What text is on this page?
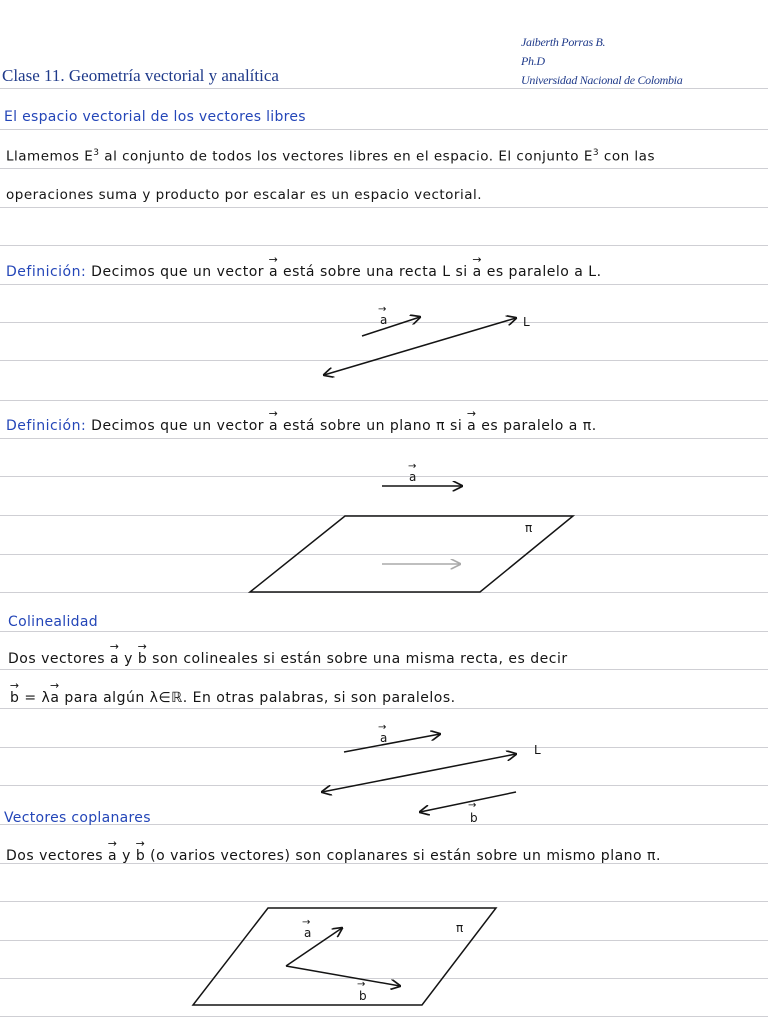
Clase 11. Geometría vectorial y analítica
Jaiberth Porras B.
Ph.D
Universidad Nacional de Colombia
El espacio vectorial de los vectores libres
Llamemos $E^3$ al conjunto de todos los vectores libres en el espacio. El conjunto $E^3$ con las
operaciones suma y producto por escalar es un espacio vectorial.
Definición: Decimos que un vector → a está sobre una recta L si → a es paralelo a L.
Definición: Decimos que un vector → a está sobre un plano π si → a es paralelo a π.
Colinealidad
Dos vectores → a y → b son colineales si están sobre una misma recta, es decir
→ b = λ→ a para algún λ∈ℝ. En otras palabras, si son paralelos.
Vectores coplanares
Dos vectores → a y → b (o varios vectores) son coplanares si están sobre un mismo plano π.
a
→
L
a
→
π
a
→
L
b
→
π
a
→
b
→
